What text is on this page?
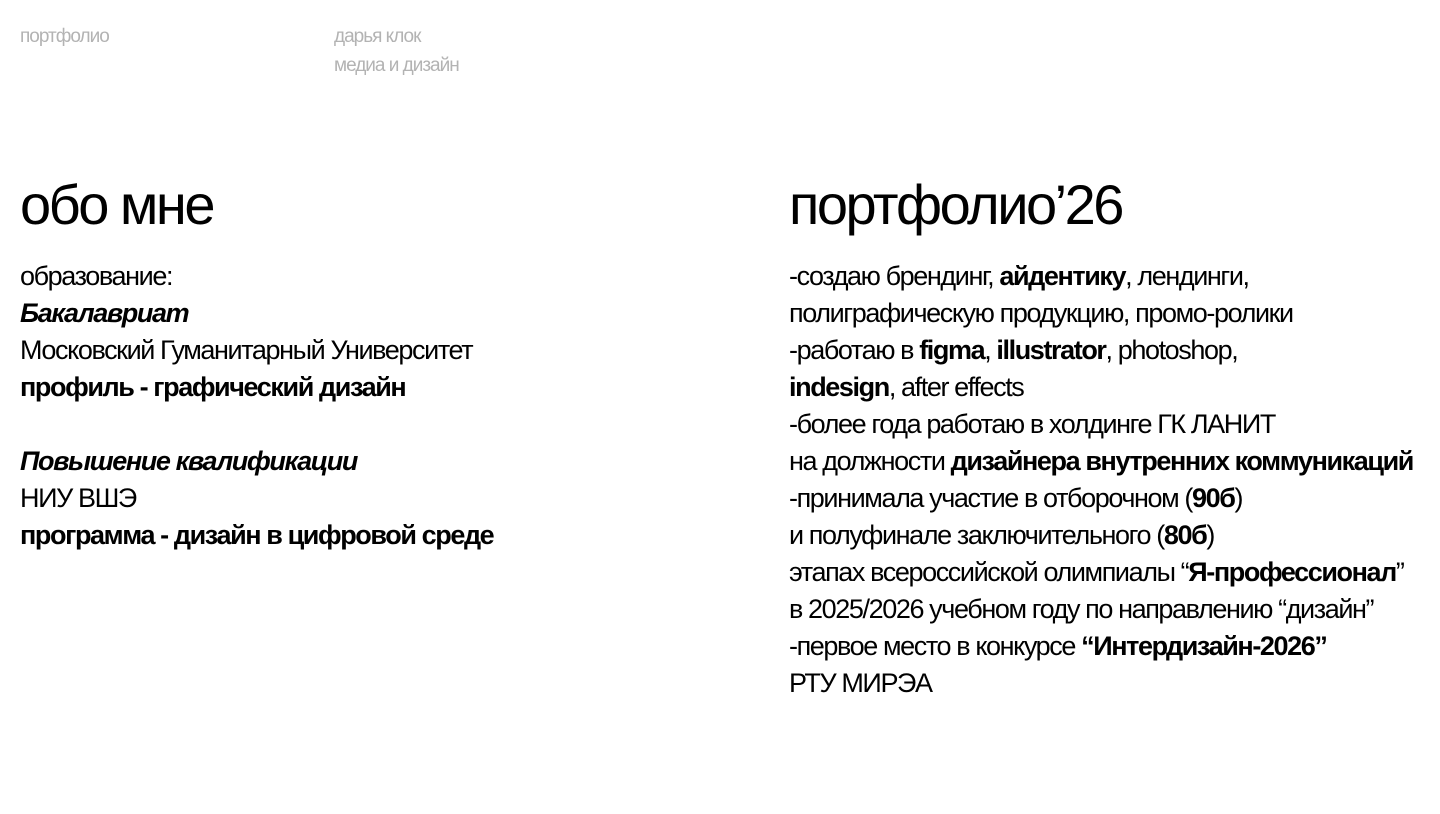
портфолио	дарья клок
медиа и дизайн
обо мне
образование:
Бакалавриат
Московский Гуманитарный Университет
профиль - графический дизайн
Повышение квалификации
НИУ ВШЭ
программа - дизайн в цифровой среде
портфолио’26
-создаю брендинг, айдентику, лендинги,
полиграфическую продукцию, промо-ролики
-работаю в figma, illustrator, photoshop,
indesign, after effects
-более года работаю в холдинге ГК ЛАНИТ
на должности дизайнера внутренних коммуникаций
-принимала участие в отборочном (90б)
и полуфинале заключительного (80б)
этапах всероссийской олимпиалы “Я-профессионал”
в 2025/2026 учебном году по направлению “дизайн”
-первое место в конкурсе “Интердизайн-2026”
РТУ МИРЭА
